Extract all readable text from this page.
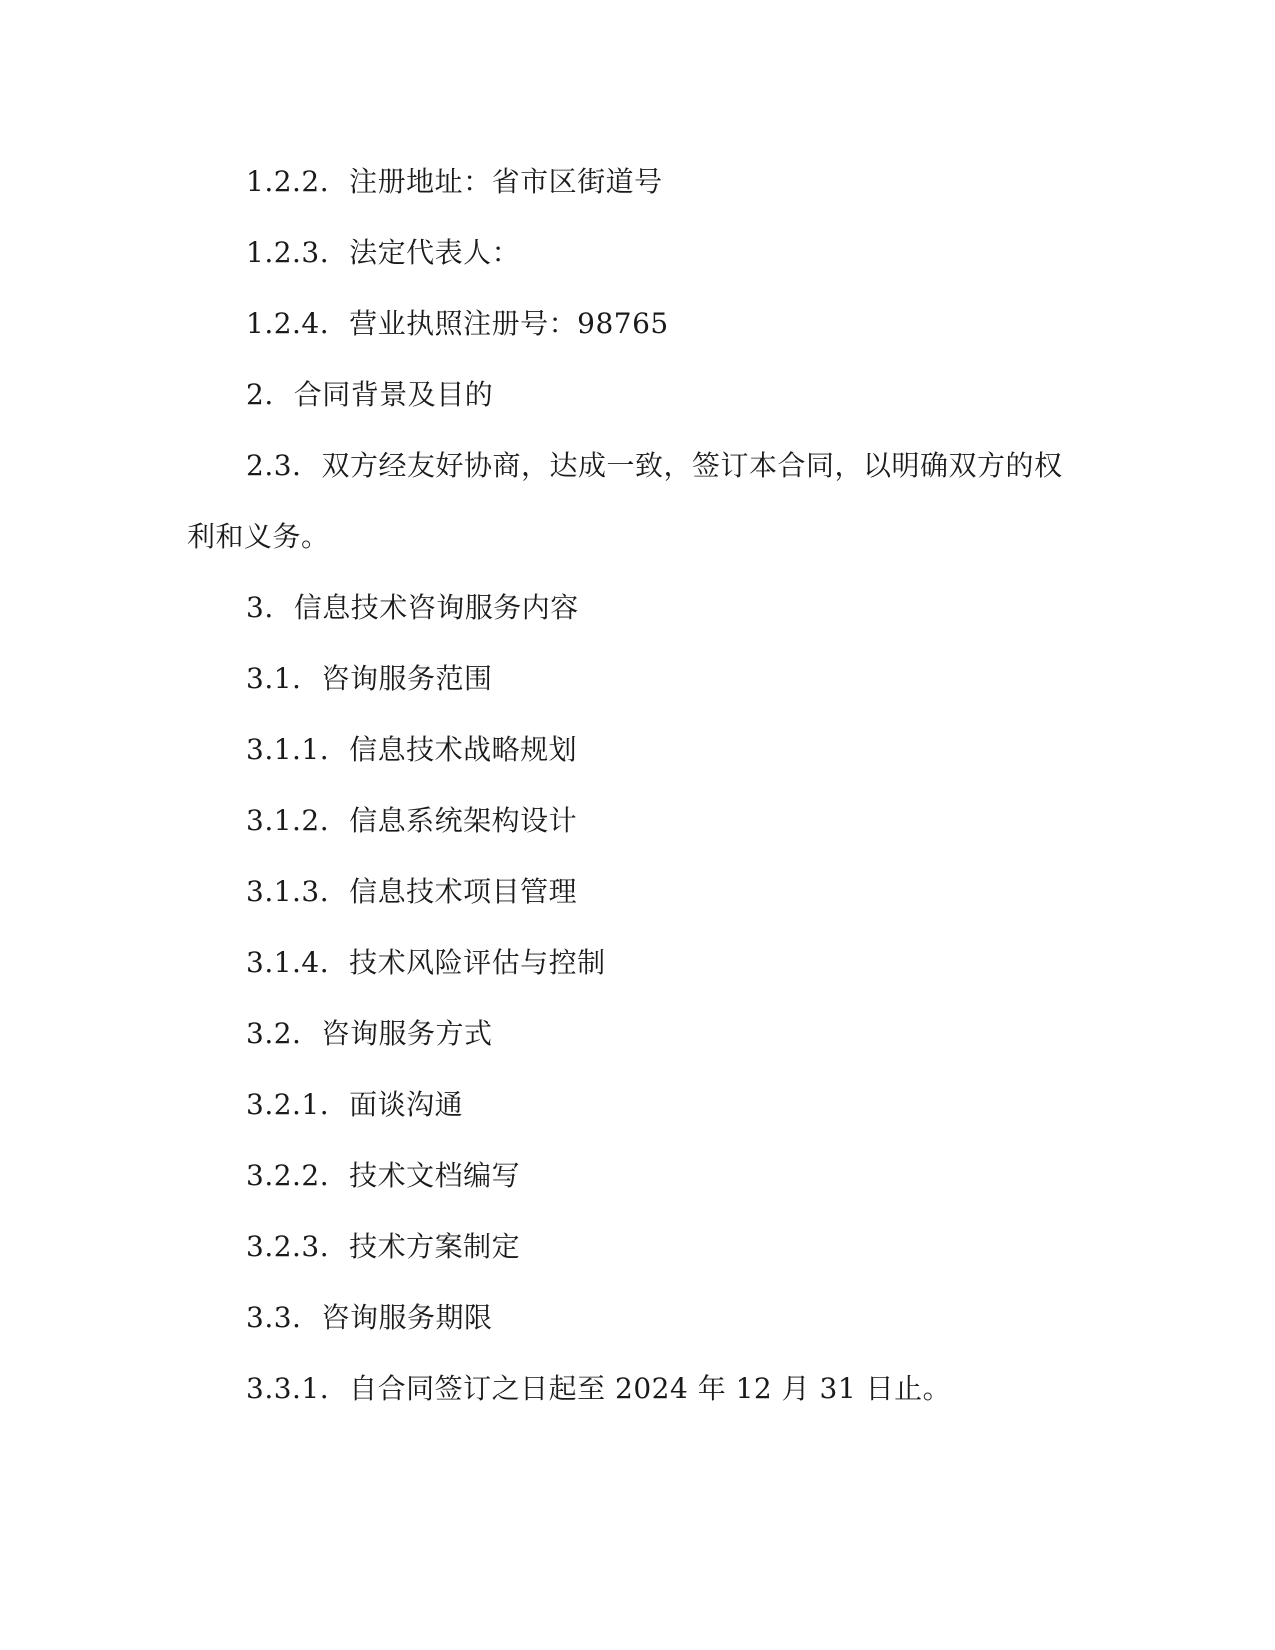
1.2.2. 注册地址：省市区街道号
1.2.3. 法定代表人：
1.2.4. 营业执照注册号：98765
2. 合同背景及目的
2.3. 双方经友好协商，达成一致，签订本合同，以明确双方的权
利和义务。
3. 信息技术咨询服务内容
3.1. 咨询服务范围
3.1.1. 信息技术战略规划
3.1.2. 信息系统架构设计
3.1.3. 信息技术项目管理
3.1.4. 技术风险评估与控制
3.2. 咨询服务方式
3.2.1. 面谈沟通
3.2.2. 技术文档编写
3.2.3. 技术方案制定
3.3. 咨询服务期限
3.3.1. 自合同签订之日起至 2024 年 12 月 31 日止。
